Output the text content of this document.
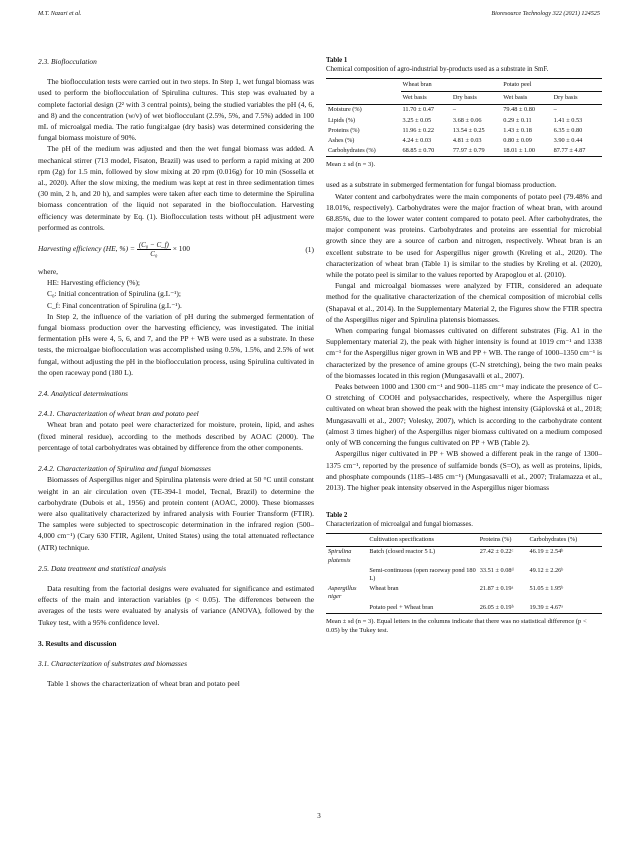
M.T. Nazari et al.	Bioresource Technology 322 (2021) 124525
2.3. Bioflocculation

The bioflocculation tests were carried out in two steps. In Step 1, wet fungal biomass was used to perform the bioflocculation of Spirulina cultures. This step was evaluated by a complete factorial design (2² with 3 central points), being the studied variables the pH (4, 6, and 8) and the concentration (w/v) of wet bioflocculant (2.5%, 5%, and 7.5%) added in 100 mL of microalgal media. The ratio fungi:algae (dry basis) was determined considering the fungal biomass moisture of 90%.

The pH of the medium was adjusted and then the wet fungal biomass was added. A mechanical stirrer (713 model, Fisaton, Brazil) was used to perform a rapid mixing at 200 rpm (2g) for 1.5 min, followed by slow mixing at 20 rpm (0.016g) for 10 min (Sossella et al., 2020). After the slow mixing, the medium was kept at rest in three sedimentation times (30 min, 2 h, and 20 h), and samples were taken after each time to determine the Spirulina biomass concentration of the liquid not separated in the bioflocculation. Harvesting efficiency was determinate by Eq. (1). Bioflocculation tests without pH adjustment were performed as controls.

Harvesting efficiency (HE, %) = $\frac{\text{(C₀ − C\_f)}}{\text{C₀}} \times 100$	(1)

where,

HE: Harvesting efficiency (%);

C₀: Initial concentration of Spirulina (g.L⁻¹);

C_f: Final concentration of Spirulina (g.L⁻¹).

In Step 2, the influence of the variation of pH during the submerged fermentation of fungal biomass production over the harvesting efficiency, was investigated. The initial fermentation pHs were 4, 5, 6, and 7, and the PP + WB were used as a substrate. In these tests, the microalgae bioflocculation was accomplished using 0.5%, 1.5%, and 2.5% of wet fungal, without adjusting the pH in the bioflocculation process, using Spirulina cultivated in the open raceway pond (180 L).

2.4. Analytical determinations
2.4.1. Characterization of wheat bran and potato peel

Wheat bran and potato peel were characterized for moisture, protein, lipid, and ashes (fixed mineral residue), according to the methods described by AOAC (2000). The percentage of total carbohydrates was obtained by difference from the other components.

2.4.2. Characterization of Spirulina and fungal biomasses

Biomasses of Aspergillus niger and Spirulina platensis were dried at 50 °C until constant weight in an air circulation oven (TE-394-1 model, Tecnal, Brazil) to determine the carbohydrate (Dubois et al., 1956) and protein content (AOAC, 2000). These biomasses were also qualitatively characterized by infrared analysis with Fourier Transform (FTIR). The samples were subjected to spectroscopic determination in the infrared region (500–4,000 cm⁻¹) (Cary 630 FTIR, Agilent, United States) using the total attenuated reflectance (ATR) technique.

2.5. Data treatment and statistical analysis

Data resulting from the factorial designs were evaluated for significance and estimated effects of the main and interaction variables (p < 0.05). The differences between the averages of the tests were evaluated by analysis of variance (ANOVA), followed by the Tukey test, with a 95% confidence level.

3. Results and discussion
3.1. Characterization of substrates and biomasses

Table 1 shows the characterization of wheat bran and potato peel

Table 1
Chemical composition of agro-industrial by-products used as a substrate in SmF.
	Wheat bran		Potato peel	
	Wet basis	Dry basis	Wet basis	Dry basis
Moisture (%)	11.70 ± 0.47	–	79.48 ± 0.80	–
Lipids (%)	3.25 ± 0.05	3.68 ± 0.06	0.29 ± 0.11	1.41 ± 0.53
Proteins (%)	11.96 ± 0.22	13.54 ± 0.25	1.43 ± 0.18	6.35 ± 0.80
Ashes (%)	4.24 ± 0.03	4.81 ± 0.03	0.80 ± 0.09	3.90 ± 0.44
Carbohydrates (%)	68.85 ± 0.70	77.97 ± 0.79	18.01 ± 1.00	87.77 ± 4.87
Mean ± sd (n = 3).

used as a substrate in submerged fermentation for fungal biomass production.

Water content and carbohydrates were the main components of potato peel (79.48% and 18.01%, respectively). Carbohydrates were the major fraction of wheat bran, with around 68.85%, due to the lower water content compared to potato peel. After carbohydrates, the major component was proteins. Carbohydrates and proteins are essential for microbial growth since they are a source of carbon and nitrogen, respectively. Wheat bran is an excellent substrate to be used for Aspergillus niger growth (Kreling et al., 2020). The characterization of wheat bran (Table 1) is similar to the studies by Kreling et al. (2020), while the potato peel is similar to the values reported by Arapoglou et al. (2010).

Fungal and microalgal biomasses were analyzed by FTIR, considered an adequate method for the qualitative characterization of the chemical composition of microbial cells (Shapaval et al., 2014). In the Supplementary Material 2, the Figures show the FTIR spectra of the Aspergillus niger and Spirulina platensis biomasses.

When comparing fungal biomasses cultivated on different substrates (Fig. A1 in the Supplementary material 2), the peak with higher intensity is found at 1019 cm⁻¹ and 1338 cm⁻¹ for the Aspergillus niger grown in WB and PP + WB. The range of 1000–1350 cm⁻¹ is characterized by the presence of amine groups (C-N stretching), being the two main peaks of the biomasses located in this region (Mungasavalli et al., 2007).

Peaks between 1000 and 1300 cm⁻¹ and 900–1185 cm⁻¹ may indicate the presence of C–O stretching of COOH and polysaccharides, respectively, where the Aspergillus niger cultivated on wheat bran showed the peak with the highest intensity (Gáplovská et al., 2018; Mungasavalli et al., 2007; Volesky, 2007), which is according to the carbohydrate content (almost 3 times higher) of the Aspergillus niger biomass cultivated on a medium composed only of WB concerning the fungus cultivated on PP + WB (Table 2).

Aspergillus niger cultivated in PP + WB showed a different peak in the range of 1300–1375 cm⁻¹, reported by the presence of sulfamide bonds (S=O), as well as proteins, lipids, and phosphate compounds (1185–1485 cm⁻¹) (Mungasavalli et al., 2007; Tralamazza et al., 2013). The higher peak intensity observed in the Aspergillus niger biomass

Table 2
Characterization of microalgal and fungal biomasses.
	Cultivation specifications	Proteins (%)	Carbohydrates (%)
Spirulina platensis	Batch (closed reactor 5 L)	27.42 ± 0.22ᶜ	46.19 ± 2.54ᵇ
	Semi-continuous (open raceway pond 180 L)	33.51 ± 0.08ᵈ	49.12 ± 2.26ᵇ
Aspergillus niger	Wheat bran	21.87 ± 0.19ᵃ	51.05 ± 1.95ᵇ
	Potato peel + Wheat bran	26.05 ± 0.19ᵇ	19.39 ± 4.67ᵃ
Mean ± sd (n = 3). Equal letters in the columns indicate that there was no statistical difference (p < 0.05) by the Tukey test.
3
